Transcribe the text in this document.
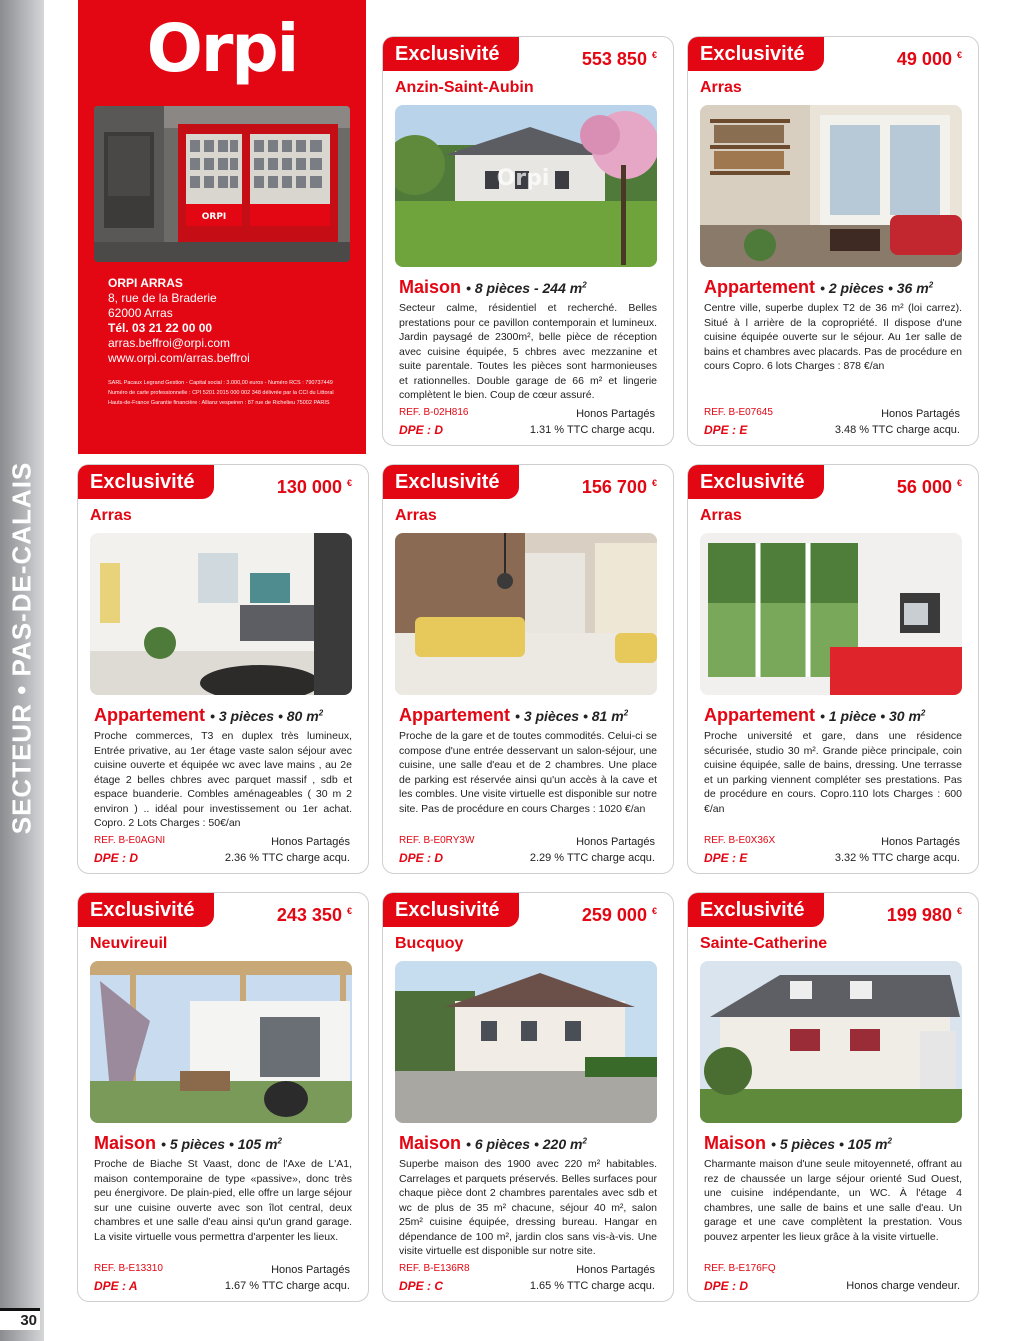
SECTEUR • PAS-DE-CALAIS
30
Orpi
ORPI
ORPI ARRAS
8, rue de la Braderie
62000 Arras
Tél. 03 21 22 00 00
arras.beffroi@orpi.com
www.orpi.com/arras.beffroi
SARL Pacaux Legrand Gestion - Capital social : 3.000,00 euros - Numéro RCS : 790737449
Numéro de carte professionnelle : CPI 5201 2015 000 002 348 délivrée par la CCI du Littoral
Hauts-de-France Garantie financière : Allianz vespeiren : 87 rue de Richelieu 75002 PARIS
Exclusivité	553 850 €
Anzin-Saint-Aubin
Orpi
Maison • 8 pièces - 244 $m^2$
Secteur calme, résidentiel et recherché. Belles prestations pour ce pavillon contemporain et lumineux. Jardin paysagé de 2300m², belle pièce de réception avec cuisine équipée, 5 chbres avec mezzanine et suite parentale. Toutes les pièces sont harmonieuses et rationnelles. Double garage de 66 m² et lingerie complètent le bien. Coup de cœur assuré.
REF. B-02H816
DPE : D
Honos Partagés
1.31 % TTC charge acqu.
Exclusivité	49 000 €
Arras
Appartement • 2 pièces • 36 $m^2$
Centre ville, superbe duplex T2 de 36 m² (loi carrez). Situé à l arrière de la copropriété. Il dispose d'une cuisine équipée ouverte sur le séjour. Au 1er salle de bains et chambres avec placards. Pas de procédure en cours Copro. 6 lots Charges : 878 €/an
REF. B-E07645
DPE : E
Honos Partagés
3.48 % TTC charge acqu.
Exclusivité	130 000 €
Arras
Appartement • 3 pièces • 80 $m^2$
Proche commerces, T3 en duplex très lumineux, Entrée privative, au 1er étage vaste salon séjour avec cuisine ouverte et équipée wc avec lave mains , au 2e étage 2 belles chbres avec parquet massif , sdb et espace buanderie. Combles aménageables ( 30 m 2 environ ) .. idéal pour investissement ou 1er achat. Copro. 2 Lots Charges : 50€/an
REF. B-E0AGNI
DPE : D
Honos Partagés
2.36 % TTC charge acqu.
Exclusivité	156 700 €
Arras
Appartement • 3 pièces • 81 $m^2$
Proche de la gare et de toutes commodités. Celui-ci se compose d'une entrée desservant un salon-séjour, une cuisine, une salle d'eau et de 2 chambres. Une place de parking est réservée ainsi qu'un accès à la cave et les combles. Une visite virtuelle est disponible sur notre site. Pas de procédure en cours Charges : 1020 €/an
REF. B-E0RY3W
DPE : D
Honos Partagés
2.29 % TTC charge acqu.
Exclusivité	56 000 €
Arras
Appartement • 1 pièce • 30 $m^2$
Proche université et gare, dans une résidence sécurisée, studio 30 m². Grande pièce principale, coin cuisine équipée, salle de bains, dressing. Une terrasse et un parking viennent compléter ses prestations. Pas de procédure en cours. Copro.110 lots Charges : 600 €/an
REF. B-E0X36X
DPE : E
Honos Partagés
3.32 % TTC charge acqu.
Exclusivité	243 350 €
Neuvireuil
Maison • 5 pièces • 105 $m^2$
Proche de Biache St Vaast, donc de l'Axe de L'A1, maison contemporaine de type «passive», donc très peu énergivore. De plain-pied, elle offre un large séjour sur une cuisine ouverte avec son îlot central, deux chambres et une salle d'eau ainsi qu'un grand garage. La visite virtuelle vous permettra d'arpenter les lieux.
REF. B-E13310
DPE : A
Honos Partagés
1.67 % TTC charge acqu.
Exclusivité	259 000 €
Bucquoy
Maison • 6 pièces • 220 $m^2$
Superbe maison des 1900 avec 220 m² habitables. Carrelages et parquets préservés. Belles surfaces pour chaque pièce dont 2 chambres parentales avec sdb et wc de plus de 35 m² chacune, séjour 40 m², salon 25m² cuisine équipée, dressing bureau. Hangar en dépendance de 100 m², jardin clos sans vis-à-vis. Une visite virtuelle est disponible sur notre site.
REF. B-E136R8
DPE : C
Honos Partagés
1.65 % TTC charge acqu.
Exclusivité	199 980 €
Sainte-Catherine
Maison • 5 pièces • 105 $m^2$
Charmante maison d'une seule mitoyenneté, offrant au rez de chaussée un large séjour orienté Sud Ouest, une cuisine indépendante, un WC. À l'étage 4 chambres, une salle de bains et une salle d'eau. Un garage et une cave complètent la prestation. Vous pouvez arpenter les lieux grâce à la visite virtuelle.
REF. B-E176FQ
DPE : D	Honos charge vendeur.
